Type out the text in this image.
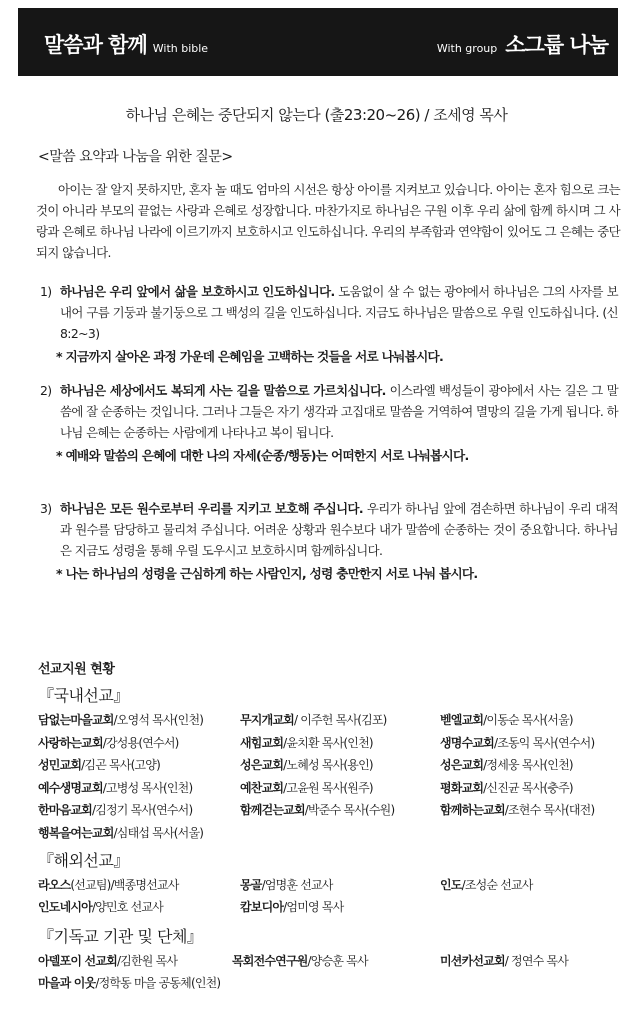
말씀과 함께 With bible	With group 소그룹 나눔
하나님 은혜는 중단되지 않는다 (출23:20~26) / 조세영 목사
<말씀 요약과 나눔을 위한 질문>
아이는 잘 알지 못하지만, 혼자 놀 때도 엄마의 시선은 항상 아이를 지켜보고 있습니다. 아이는 혼자 힘으로 크는 것이 아니라 부모의 끝없는 사랑과 은혜로 성장합니다. 마찬가지로 하나님은 구원 이후 우리 삶에 함께 하시며 그 사랑과 은혜로 하나님 나라에 이르기까지 보호하시고 인도하십니다. 우리의 부족함과 연약함이 있어도 그 은혜는 중단되지 않습니다.
1) 하나님은 우리 앞에서 삶을 보호하시고 인도하십니다. 도움없이 살 수 없는 광야에서 하나님은 그의 사자를 보내어 구름 기둥과 불기둥으로 그 백성의 길을 인도하십니다. 지금도 하나님은 말씀으로 우릴 인도하십니다. (신8:2~3)
* 지금까지 살아온 과정 가운데 은혜임을 고백하는 것들을 서로 나눠봅시다.
2) 하나님은 세상에서도 복되게 사는 길을 말씀으로 가르치십니다. 이스라엘 백성들이 광야에서 사는 길은 그 말씀에 잘 순종하는 것입니다. 그러나 그들은 자기 생각과 고집대로 말씀을 거역하여 멸망의 길을 가게 됩니다. 하나님 은혜는 순종하는 사람에게 나타나고 복이 됩니다.
* 예배와 말씀의 은혜에 대한 나의 자세(순종/행동)는 어떠한지 서로 나눠봅시다.
3) 하나님은 모든 원수로부터 우리를 지키고 보호해 주십니다. 우리가 하나님 앞에 겸손하면 하나님이 우리 대적과 원수를 담당하고 물리쳐 주십니다. 어려운 상황과 원수보다 내가 말씀에 순종하는 것이 중요합니다. 하나님은 지금도 성령을 통해 우릴 도우시고 보호하시며 함께하십니다.
* 나는 하나님의 성령을 근심하게 하는 사람인지, 성령 충만한지 서로 나눠 봅시다.
선교지원 현황
『국내선교』
담없는마을교회/오영석 목사(인천)	무지개교회/ 이주헌 목사(김포)	벧엘교회/이동순 목사(서울)
사랑하는교회/강성용(연수서)	새힘교회/윤치환 목사(인천)	생명수교회/조동익 목사(연수서)
성민교회/김곤 목사(고양)	성은교회/노혜성 목사(용인)	성은교회/정세웅 목사(인천)
예수생명교회/고병성 목사(인천)	예찬교회/고윤원 목사(원주)	평화교회/신진균 목사(충주)
한마음교회/김정기 목사(연수서)	함께걷는교회/박준수 목사(수원)	함께하는교회/조현수 목사(대전)
행복을여는교회/심태섭 목사(서울)
『해외선교』
라오스(선교팀)/백종명선교사	몽골/엄명훈 선교사	인도/조성순 선교사
인도네시아/양민호 선교사	캄보디아/엄미영 목사
『기독교 기관 및 단체』
아델포이 선교회/김한원 목사	목회전수연구원/양승훈 목사	미션카선교회/ 정연수 목사
마을과 이웃/정학동 마을 공동체(인천)
